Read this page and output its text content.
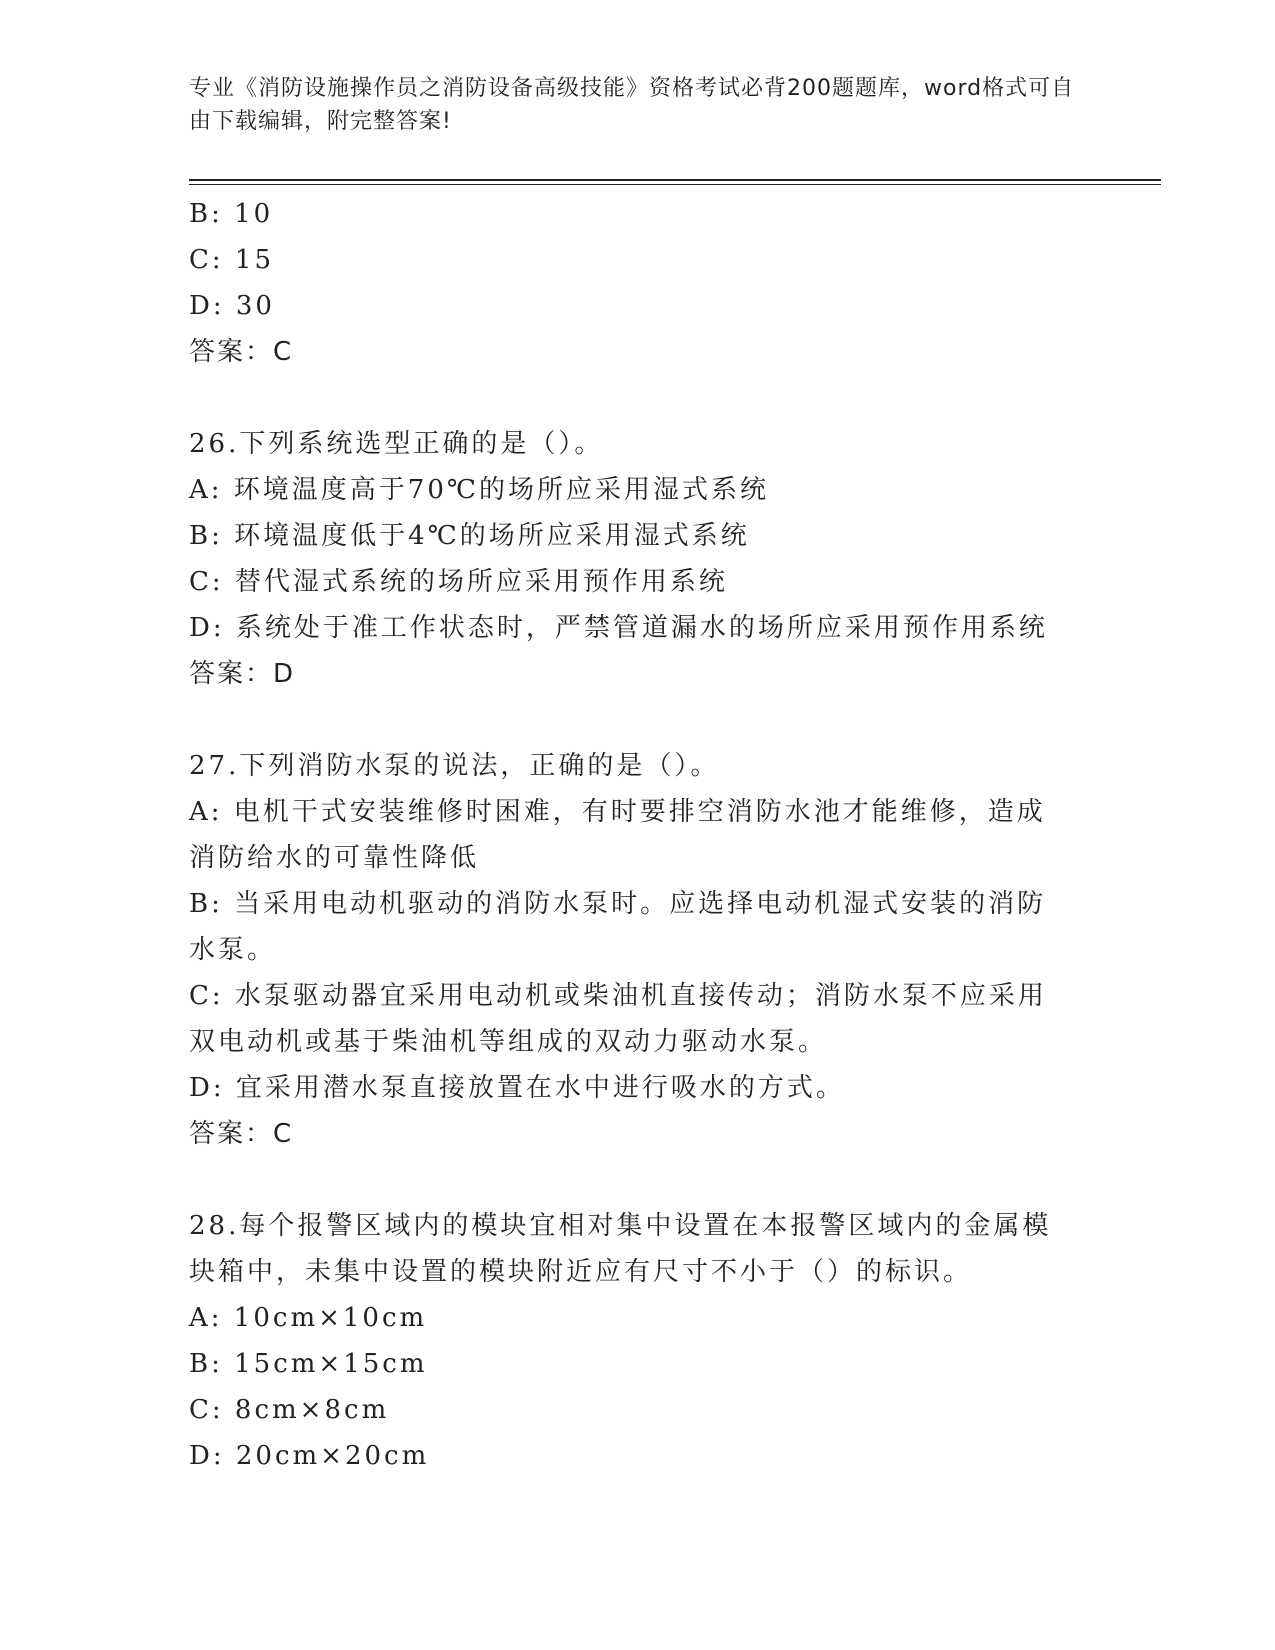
专业《消防设施操作员之消防设备高级技能》资格考试必背200题题库，word格式可自由下载编辑，附完整答案!

B: 10

C: 15

D: 30

答案：C

26.下列系统选型正确的是（）。

A: 环境温度高于70℃的场所应采用湿式系统

B: 环境温度低于4℃的场所应采用湿式系统

C: 替代湿式系统的场所应采用预作用系统

D: 系统处于准工作状态时，严禁管道漏水的场所应采用预作用系统

答案：D

27.下列消防水泵的说法，正确的是（）。

A: 电机干式安装维修时困难，有时要排空消防水池才能维修，造成消防给水的可靠性降低

B: 当采用电动机驱动的消防水泵时。应选择电动机湿式安装的消防水泵。

C: 水泵驱动器宜采用电动机或柴油机直接传动；消防水泵不应采用双电动机或基于柴油机等组成的双动力驱动水泵。

D: 宜采用潜水泵直接放置在水中进行吸水的方式。

答案：C

28.每个报警区域内的模块宜相对集中设置在本报警区域内的金属模块箱中，未集中设置的模块附近应有尺寸不小于（）的标识。

A: 10cm×10cm

B: 15cm×15cm

C: 8cm×8cm

D: 20cm×20cm
